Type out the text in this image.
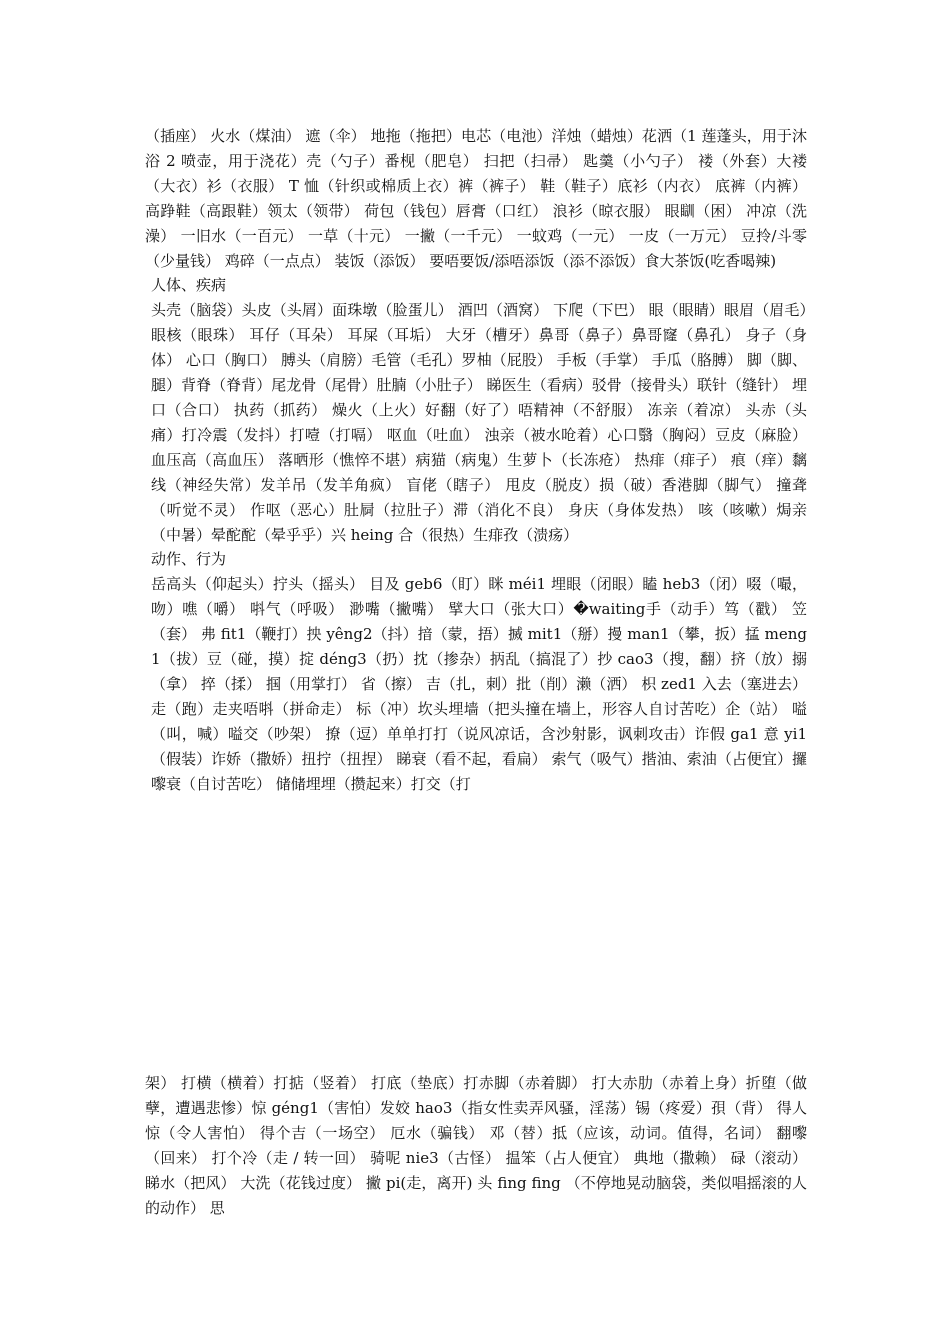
（插座） 火水（煤油） 遮（伞） 地拖（拖把）电芯（电池）洋烛（蜡烛）花洒（1 莲蓬头，用于沐浴 2 喷壶，用于浇花）壳（勺子）番枧（肥皂） 扫把（扫帚） 匙羹（小勺子） 褛（外套）大褛（大衣）衫（衣服） T 恤（针织或棉质上衣）裤（裤子） 鞋（鞋子）底衫（内衣） 底裤（内裤） 高踭鞋（高跟鞋）领太（领带） 荷包（钱包）唇膏（口红） 浪衫（晾衣服） 眼瞓（困） 冲凉（洗澡） 一旧水（一百元） 一草（十元） 一撇（一千元） 一蚊鸡（一元） 一皮（一万元） 豆拎/斗零（少量钱） 鸡碎（一点点） 装饭（添饭） 要唔要饭/添唔添饭（添不添饭）食大茶饭(吃香喝辣)

人体、疾病

头壳（脑袋）头皮（头屑）面珠墩（脸蛋儿） 酒凹（酒窝） 下爬（下巴） 眼（眼睛）眼眉（眉毛）眼核（眼珠） 耳仔（耳朵） 耳屎（耳垢） 大牙（槽牙）鼻哥（鼻子）鼻哥窿（鼻孔） 身子（身体） 心口（胸口） 膊头（肩膀）毛管（毛孔）罗柚（屁股） 手板（手掌） 手瓜（胳膊） 脚（脚、腿）背脊（脊背）尾龙骨（尾骨）肚腩（小肚子） 睇医生（看病）驳骨（接骨头）联针（缝针） 埋口（合口） 执药（抓药） 燥火（上火）好翻（好了）唔精神（不舒服） 冻亲（着凉） 头赤（头痛）打冷震（发抖）打噎（打嗝） 呕血（吐血） 浊亲（被水呛着）心口翳（胸闷）豆皮（麻脸） 血压高（高血压） 落晒形（憔悴不堪）病猫（病鬼）生萝卜（长冻疮） 热痱（痱子） 痕（痒）黐线（神经失常）发羊吊（发羊角疯） 盲佬（瞎子） 甩皮（脱皮）损（破）香港脚（脚气） 撞聋（听觉不灵） 作呕（恶心）肚屙（拉肚子）滞（消化不良） 身庆（身体发热） 咳（咳嗽）焗亲（中暑）晕酡酡（晕乎乎）兴 heing 合（很热）生痱孜（溃疡）

动作、行为

岳高头（仰起头）拧头（摇头） 目及 geb6（盯）眯 méi1 埋眼（闭眼）瞌 heb3（闭）啜（嘬，吻）噍（嚼） 唞气（呼吸） 渺嘴（撇嘴） 擘大口（张大口）�waiting手（动手）笃（戳） 笠（套） 弗 fit1（鞭打）抰 yêng2（抖）揞（蒙，捂）搣 mit1（掰）摱 man1（攀，扳）掹 meng1（拔）豆（碰，摸）掟 déng3（扔）抌（掺杂）抦乱（搞混了）抄 cao3（搜，翻）挤（放）搦（拿） 捽（揉） 掴（用掌打） 省（擦） 吉（扎，刺）批（削）濑（洒） 枳 zed1 入去（塞进去）走（跑）走夹唔唞（拼命走） 标（冲）坎头埋墙（把头撞在墙上，形容人自讨苦吃）企（站） 嗌（叫，喊）嗌交（吵架） 撩（逗）单单打打（说风凉话，含沙射影，讽刺攻击）诈假 ga1 意 yi1（假装）诈娇（撒娇）扭拧（扭捏） 睇衰（看不起，看扁） 索气（吸气）揩油、索油（占便宜）攞嚟衰（自讨苦吃） 储储埋埋（攒起来）打交（打

架） 打横（横着）打掂（竖着） 打底（垫底）打赤脚（赤着脚） 打大赤肋（赤着上身）折堕（做孽，遭遇悲惨）惊 géng1（害怕）发姣 hao3（指女性卖弄风骚，淫荡）锡（疼爱）孭（背） 得人惊（令人害怕） 得个吉（一场空） 厄水（骗钱） 邓（替）抵（应该，动词。值得，名词） 翻嚟（回来） 打个冷（走 / 转一回） 骑呢 nie3（古怪） 揾笨（占人便宜） 典地（撒赖） 碌（滚动） 睇水（把风） 大洗（花钱过度） 撇 pi(走，离开) 头 fing fing （不停地晃动脑袋，类似唱摇滚的人的动作） 思
